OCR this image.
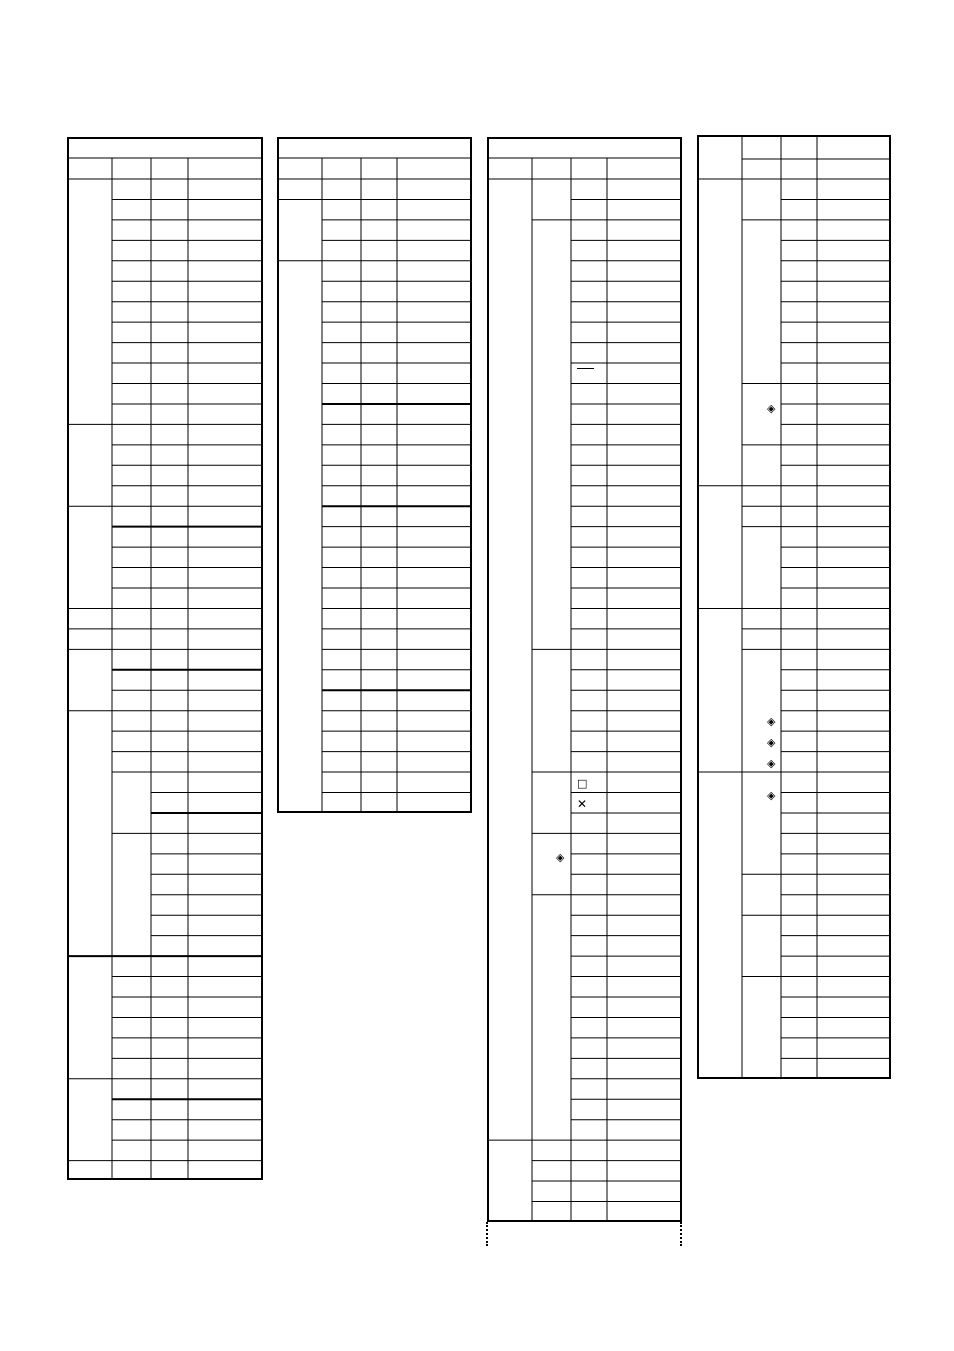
□
✕
◈
◈
◈
◈
◈
◈
